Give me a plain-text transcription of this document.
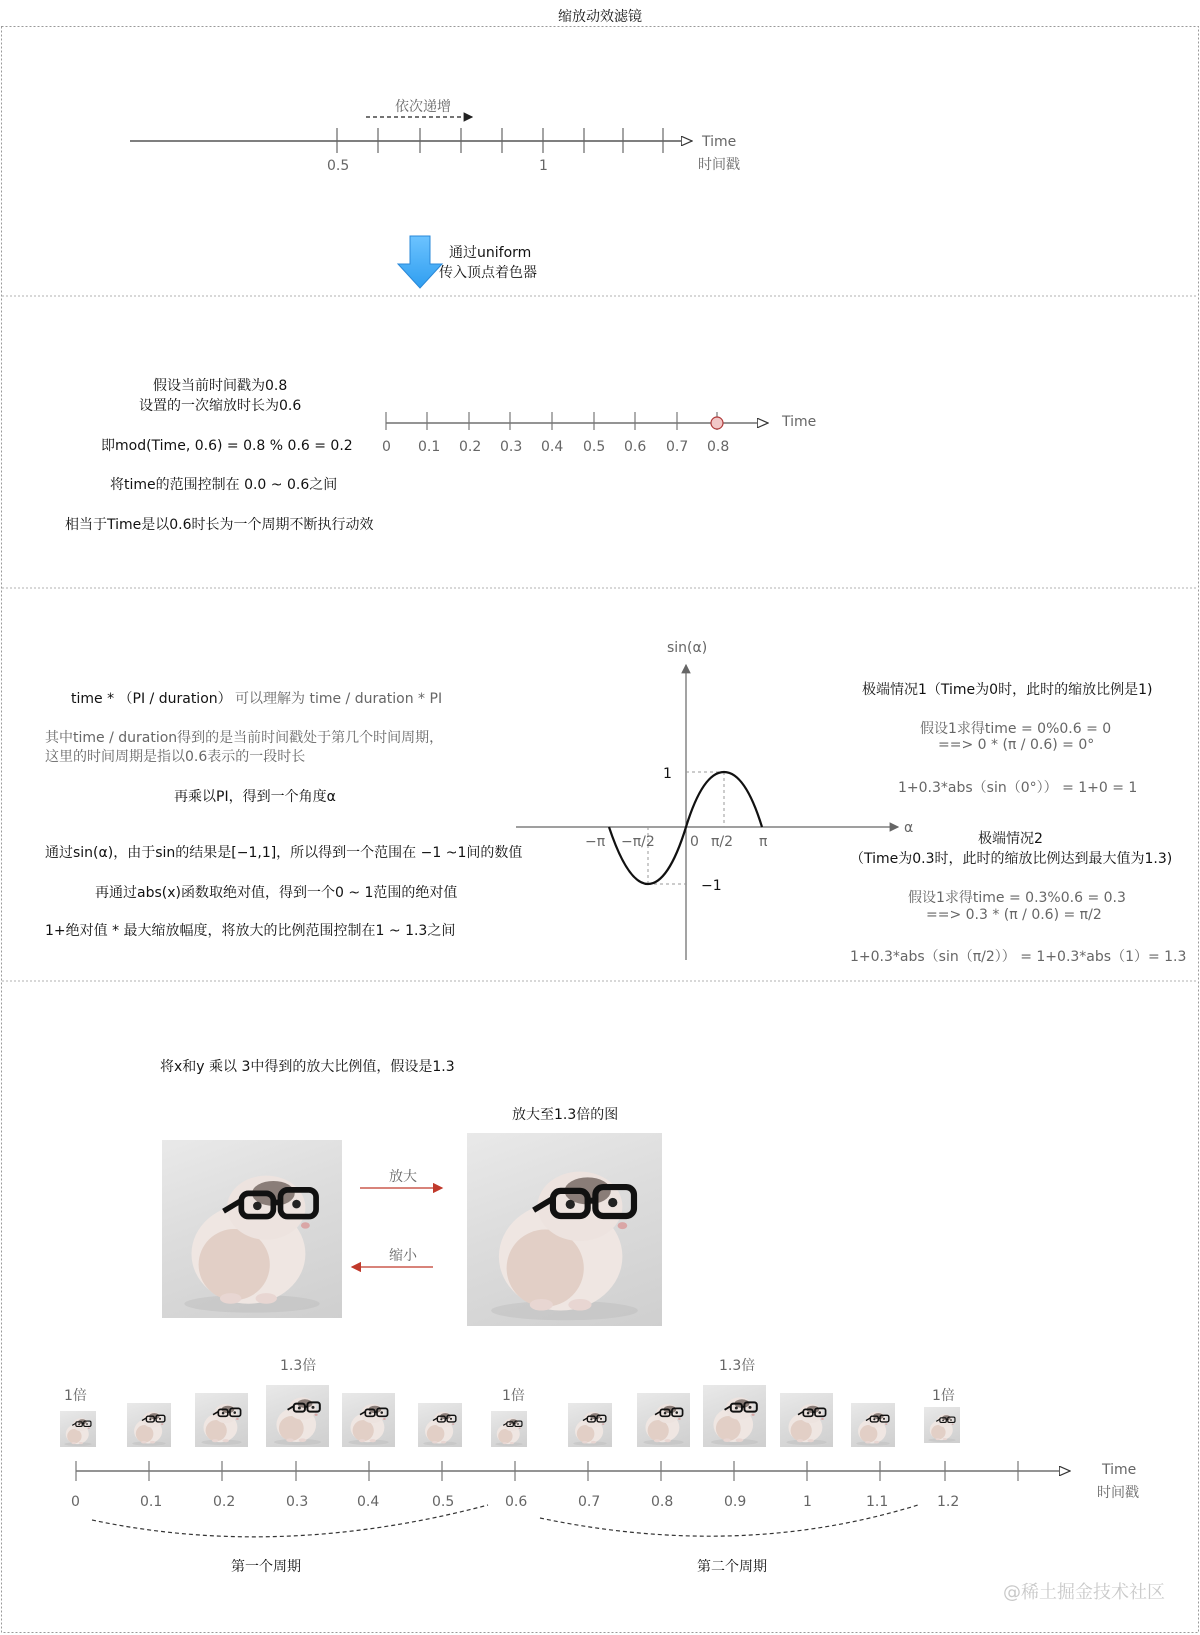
缩放动效滤镜
依次递增
0.5	1
Time
时间戳
通过uniform
传入顶点着色器
假设当前时间戳为0.8
设置的一次缩放时长为0.6
即mod(Time, 0.6) = 0.8 % 0.6 = 0.2
将time的范围控制在 0.0 ~ 0.6之间
相当于Time是以0.6时长为一个周期不断执行动效
0 0.1 0.2 0.3 0.4 0.5 0.6 0.7 0.8
Time
time * （PI / duration） 可以理解为 time / duration * PI
其中time / duration得到的是当前时间戳处于第几个时间周期，
这里的时间周期是指以0.6表示的一段时长
再乘以PI，得到一个角度α
通过sin(α)，由于sin的结果是[−1,1]，所以得到一个范围在 −1 ~1间的数值
再通过abs(x)函数取绝对值，得到一个0 ~ 1范围的绝对值
1+绝对值 * 最大缩放幅度，将放大的比例范围控制在1 ~ 1.3之间
sin(α)
α
1
−1
−π −π/2	0 π/2 π
极端情况1（Time为0时，此时的缩放比例是1)
假设1求得time = 0%0.6 = 0
==> 0 * (π / 0.6) = 0°
1+0.3*abs（sin（0°）） = 1+0 = 1
极端情况2
（Time为0.3时，此时的缩放比例达到最大值为1.3)
假设1求得time = 0.3%0.6 = 0.3
==> 0.3 * (π / 0.6) = π/2
1+0.3*abs（sin（π/2）） = 1+0.3*abs（1）= 1.3
将x和y 乘以 3中得到的放大比例值，假设是1.3
放大至1.3倍的图
放大
缩小
1倍
1.3倍
1倍
1.3倍
1倍
0	0.1	0.2	0.3	0.4	0.5	0.6	0.7	0.8	0.9	1	1.1	1.2
Time
时间戳
第一个周期	第二个周期
@稀土掘金技术社区
